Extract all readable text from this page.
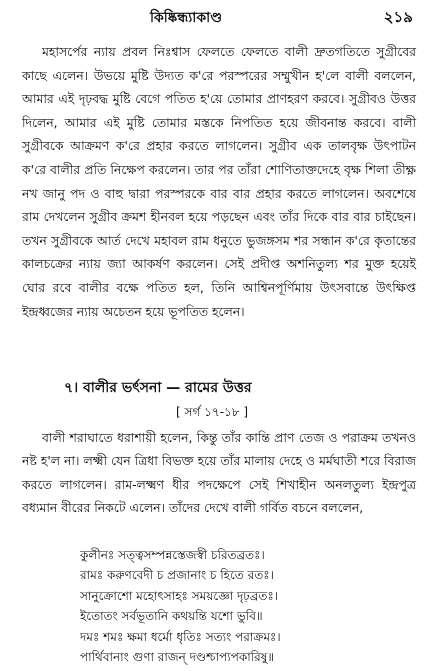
কিষ্কিন্ধ্যাকাণ্ড	২১৯

মহাসর্পের ন্যায় প্রবল নিঃশ্বাস ফেলতে ফেলতে বালী দ্রুতগতিতে সুগ্রীবের কাছে এলেন। উভয়ে মুষ্টি উদ্যত ক'রে পরস্পরের সম্মুখীন হ'লে বালী বললেন, আমার এই দৃঢ়বদ্ধ মুষ্টি বেগে পতিত হ'য়ে তোমার প্রাণহরণ করবে। সুগ্রীবও উত্তর দিলেন, আমার এই মুষ্টি তোমার মস্তকে নিপতিত হয়ে জীবনান্ত করবে। বালী সুগ্রীবকে আক্রমণ ক'রে প্রহার করতে লাগলেন। সুগ্রীব এক তালবৃক্ষ উৎপাটন ক'রে বালীর প্রতি নিক্ষেপ করলেন। তার পর তাঁরা শোণিতাক্তদেহে বৃক্ষ শিলা তীক্ষ্ণ নখ জানু পদ ও বাহু দ্বারা পরস্পরকে বার বার প্রহার করতে লাগলেন। অবশেষে রাম দেখলেন সুগ্রীব ক্রমশ হীনবল হয়ে পড়ছেন এবং তাঁর দিকে বার বার চাইছেন। তখন সুগ্রীবকে আর্ত দেখে মহাবল রাম ধনুতে ভুজঙ্গসম শর সন্ধান ক'রে কৃতান্তের কালচক্রের ন্যায় জ্যা আকর্ষণ করলেন। সেই প্রদীপ্ত অশনিতুল্য শর মুক্ত হয়েই ঘোর রবে বালীর বক্ষে পতিত হল, তিনি আশ্বিনপূর্ণিমায় উৎসবান্তে উৎক্ষিপ্ত ইন্দ্রধ্বজের ন্যায় অচেতন হয়ে ভূপতিত হলেন।

৭। বালীর ভর্ৎসনা — রামের উত্তর
[ সর্গ ১৭-১৮ ]

বালী শরাঘাতে ধরাশায়ী হলেন, কিন্তু তাঁর কান্তি প্রাণ তেজ ও পরাক্রম তখনও নষ্ট হ'ল না। লক্ষ্মী যেন ত্রিধা বিভক্ত হয়ে তাঁর মালায় দেহে ও মর্মঘাতী শরে বিরাজ করতে লাগলেন। রাম-লক্ষ্মণ ধীর পদক্ষেপে সেই শিখাহীন অনলতুল্য ইন্দ্রপুত্র বধ্যমান বীরের নিকটে এলেন। তাঁদের দেখে বালী গর্বিত বচনে বললেন,

কুলীনঃ সত্ত্বসম্পন্নস্তেজস্বী চরিতব্রতঃ।
রামঃ করুণবেদী চ প্রজানাং চ হিতে রতঃ।
সানুক্রোশো মহোৎসাহঃ সময়জ্ঞো দৃঢ়ব্রতঃ।
ইতোতং সর্বভূতানি কথয়ন্তি যশো ভুবি॥
দমঃ শমঃ ক্ষমা ধর্মো ধৃতিঃ সত্যং পরাক্রমঃ।
পার্থিবানাং গুণা রাজন্ দণ্ডশ্চাপ্যপকারিষু॥
